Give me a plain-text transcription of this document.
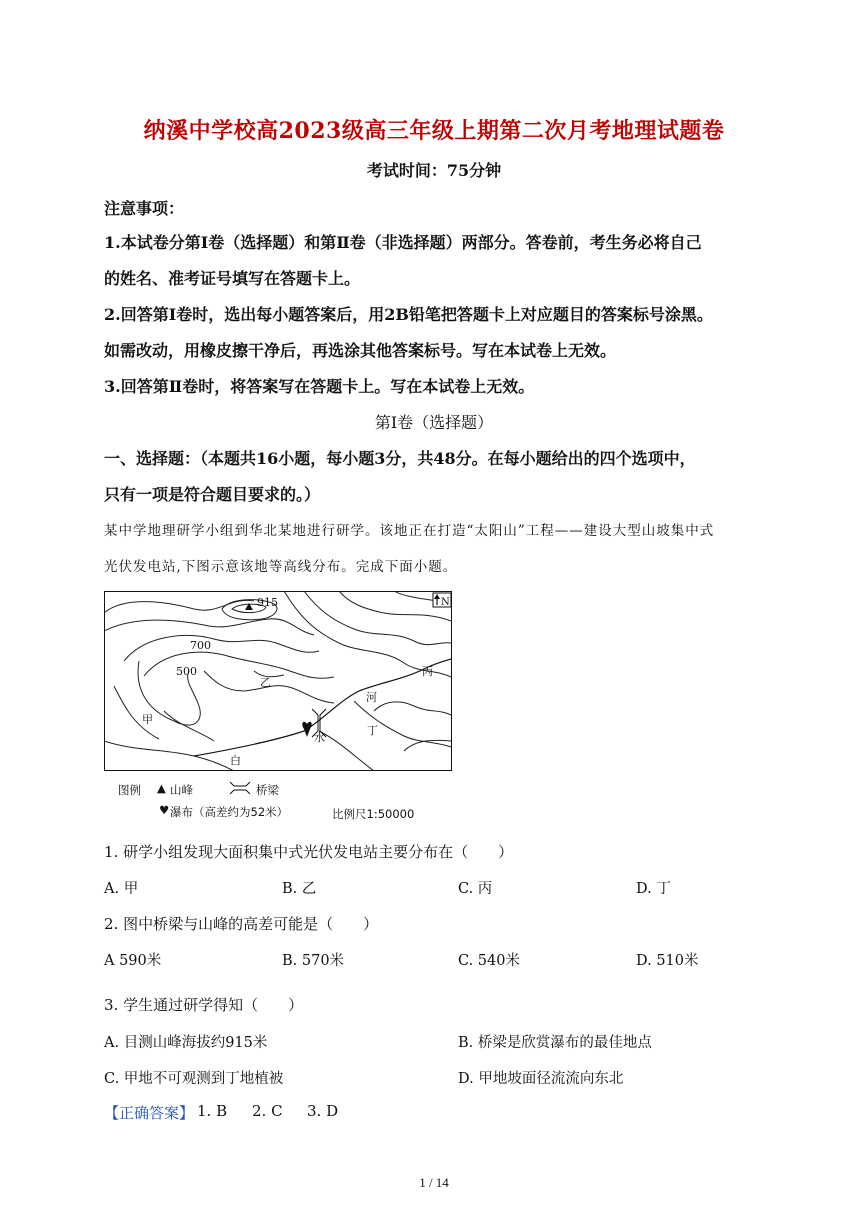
纳溪中学校高2023级高三年级上期第二次月考地理试题卷
考试时间：75分钟
注意事项：
1.本试卷分第Ⅰ卷（选择题）和第Ⅱ卷（非选择题）两部分。答卷前，考生务必将自己
的姓名、准考证号填写在答题卡上。
2.回答第Ⅰ卷时，选出每小题答案后，用2B铅笔把答题卡上对应题目的答案标号涂黑。
如需改动，用橡皮擦干净后，再选涂其他答案标号。写在本试卷上无效。
3.回答第Ⅱ卷时，将答案写在答题卡上。写在本试卷上无效。
第Ⅰ卷（选择题）
一、选择题：（本题共16小题，每小题3分，共48分。在每小题给出的四个选项中，
只有一项是符合题目要求的。）
某中学地理研学小组到华北某地进行研学。该地正在打造“太阳山”工程——建设大型山坡集中式
光伏发电站,下图示意该地等高线分布。完成下面小题。
915	N
700
500
甲
乙
丙
丁
河
白
水
图例 ▲ 山峰	桥梁
♥ 瀑布（高差约为52米）	比例尺1:50000
1. 研学小组发现大面积集中式光伏发电站主要分布在（　　）
A. 甲	B. 乙	C. 丙	D. 丁
2. 图中桥梁与山峰的高差可能是（　　）
A 590米	B. 570米	C. 540米	D. 510米
3. 学生通过研学得知（　　）
A. 目测山峰海拔约915米	B. 桥梁是欣赏瀑布的最佳地点
C. 甲地不可观测到丁地植被	D. 甲地坡面径流流向东北
【正确答案】 1. B 2. C 3. D
1 / 14
